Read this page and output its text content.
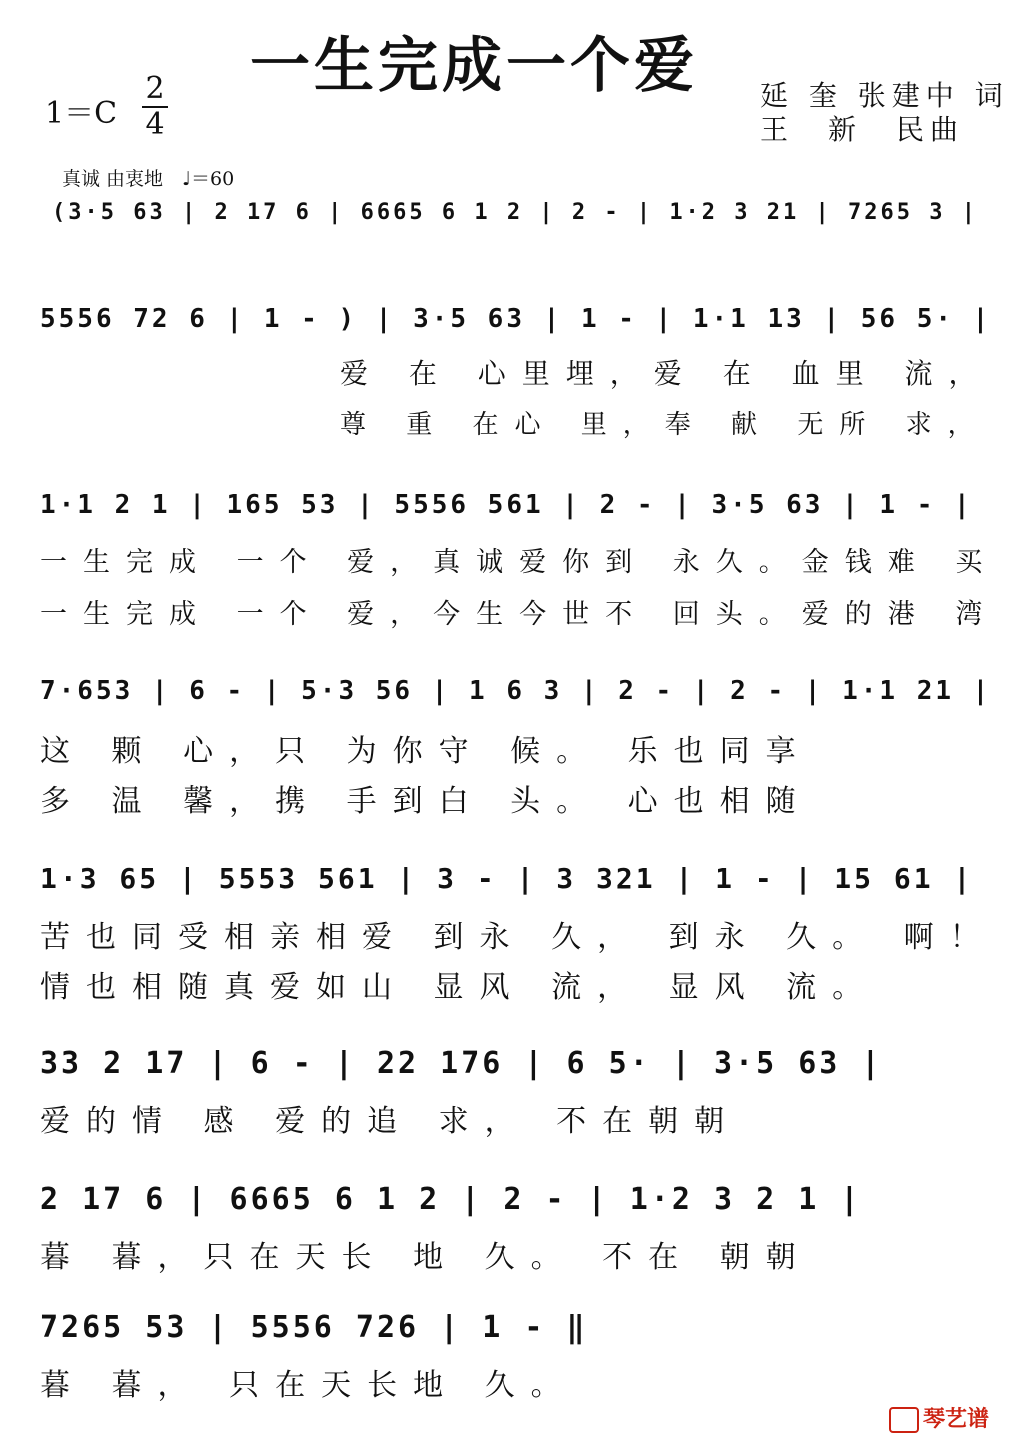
一生完成一个爱
1＝C
2
4
延 奎 张建中 词
王　新　民曲
真诚 由衷地　♩＝60
(3·5 63 | 2 17 6 | 6665 6 1 2 | 2 - | 1·2 3 21 | 7265 3 |
5556 72 6 | 1 - ) | 3·5 63 | 1 - | 1·1 13 | 56 5· |
爱 在 心里埋，爱 在 血里 流，
尊 重 在心 里，奉 献 无所 求，
1·1 2 1 | 165 53 | 5556 561 | 2 - | 3·5 63 | 1 - |
一生完成 一个 爱，真诚爱你到 永久。金钱难 买
一生完成 一个 爱，今生今世不 回头。爱的港 湾
7·653 | 6 - | 5·3 56 | 1 6 3 | 2 - | 2 - | 1·1 21 |
这 颗 心，只 为你守 候。 乐也同享
多 温 馨，携 手到白 头。 心也相随
1·3 65 | 5553 561 | 3 - | 3 321 | 1 - | 15 61 |
苦也同受相亲相爱 到永 久， 到永 久。 啊！
情也相随真爱如山 显风 流， 显风 流。
33 2 17 | 6 - | 22 176 | 6 5· | 3·5 63 |
爱的情 感 爱的追 求， 不在朝朝
2 17 6 | 6665 6 1 2 | 2 - | 1·2 3 2 1 |
暮 暮，只在天长 地 久。 不在 朝朝
7265 53 | 5556 726 | 1 - ‖
暮 暮， 只在天长地 久。
琴艺谱
